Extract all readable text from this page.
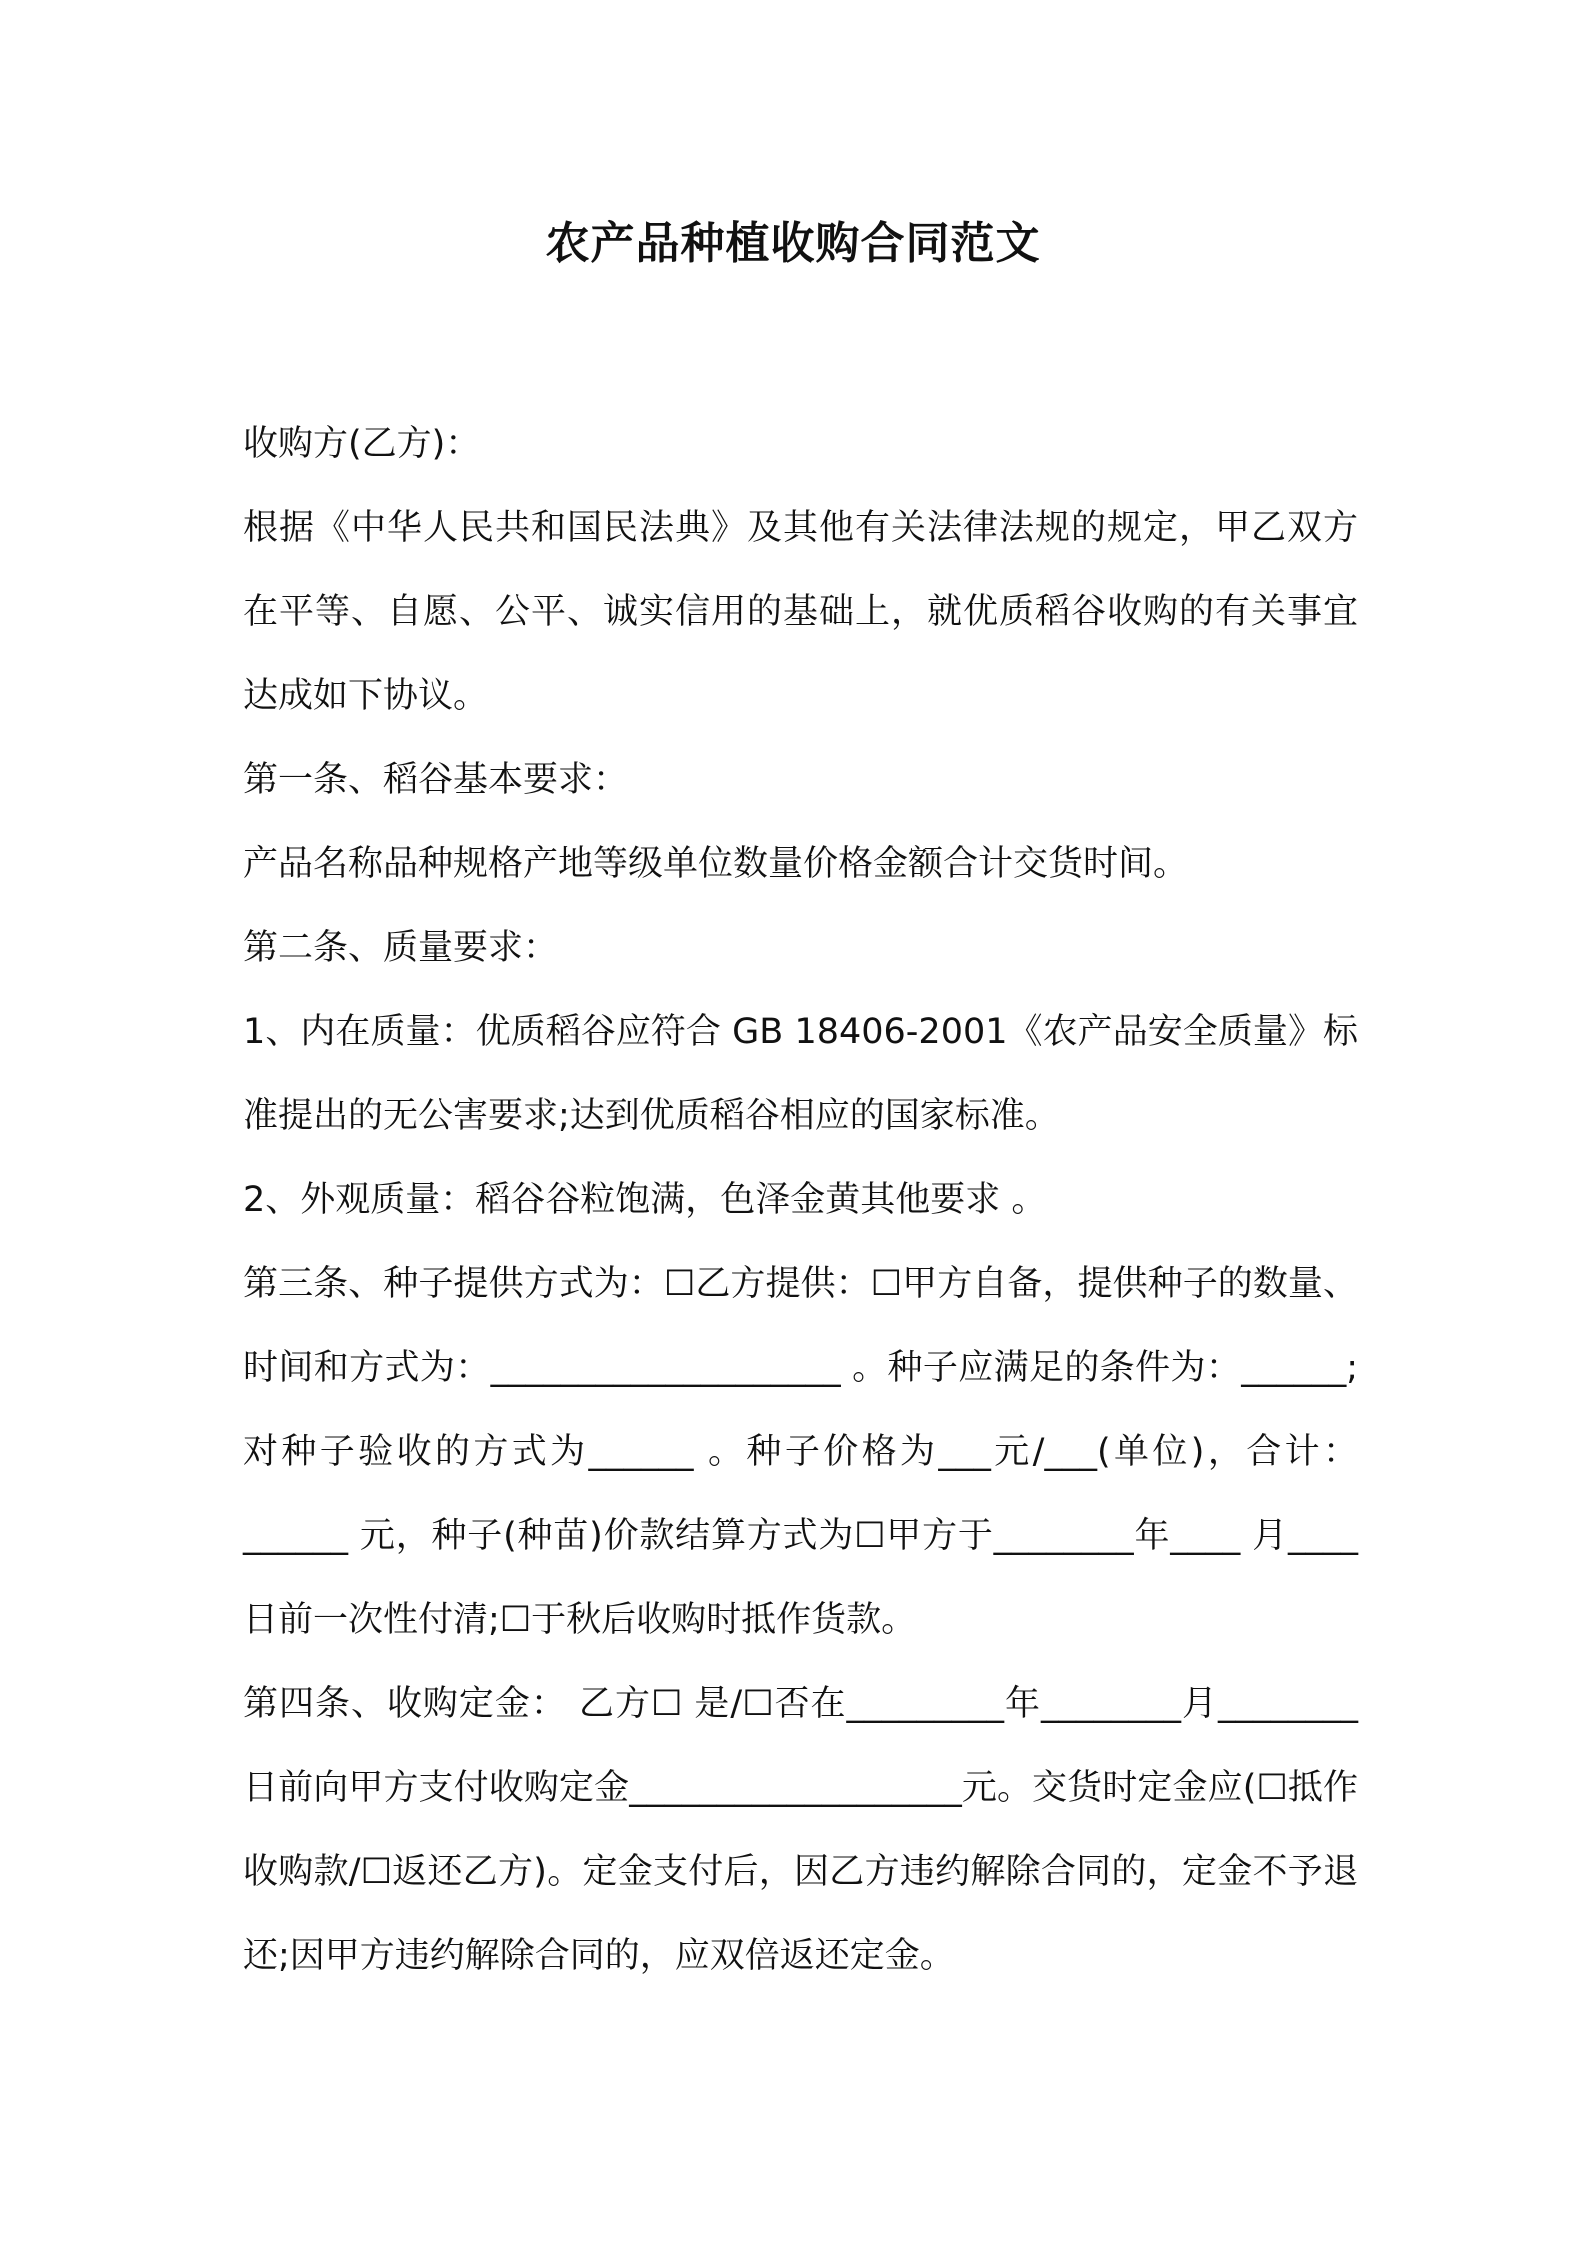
农产品种植收购合同范文

收购方(乙方)：

根据《中华人民共和国民法典》及其他有关法律法规的规定，甲乙双方在平等、自愿、公平、诚实信用的基础上，就优质稻谷收购的有关事宜达成如下协议。

第一条、稻谷基本要求：

产品名称品种规格产地等级单位数量价格金额合计交货时间。

第二条、质量要求：

1、内在质量：优质稻谷应符合 GB 18406-2001《农产品安全质量》标准提出的无公害要求;达到优质稻谷相应的国家标准。

2、外观质量：稻谷谷粒饱满，色泽金黄其他要求 。

第三条、种子提供方式为：☐乙方提供：☐甲方自备，提供种子的数量、时间和方式为：____________________ 。种子应满足的条件为：______;对种子验收的方式为______ 。种子价格为___元/___(单位)，合计：______ 元，种子(种苗)价款结算方式为☐甲方于________年____ 月____日前一次性付清;☐于秋后收购时抵作货款。

第四条、收购定金： 乙方☐ 是/☐否在_________年________月________日前向甲方支付收购定金___________________元。交货时定金应(☐抵作收购款/☐返还乙方)。定金支付后，因乙方违约解除合同的，定金不予退还;因甲方违约解除合同的，应双倍返还定金。
